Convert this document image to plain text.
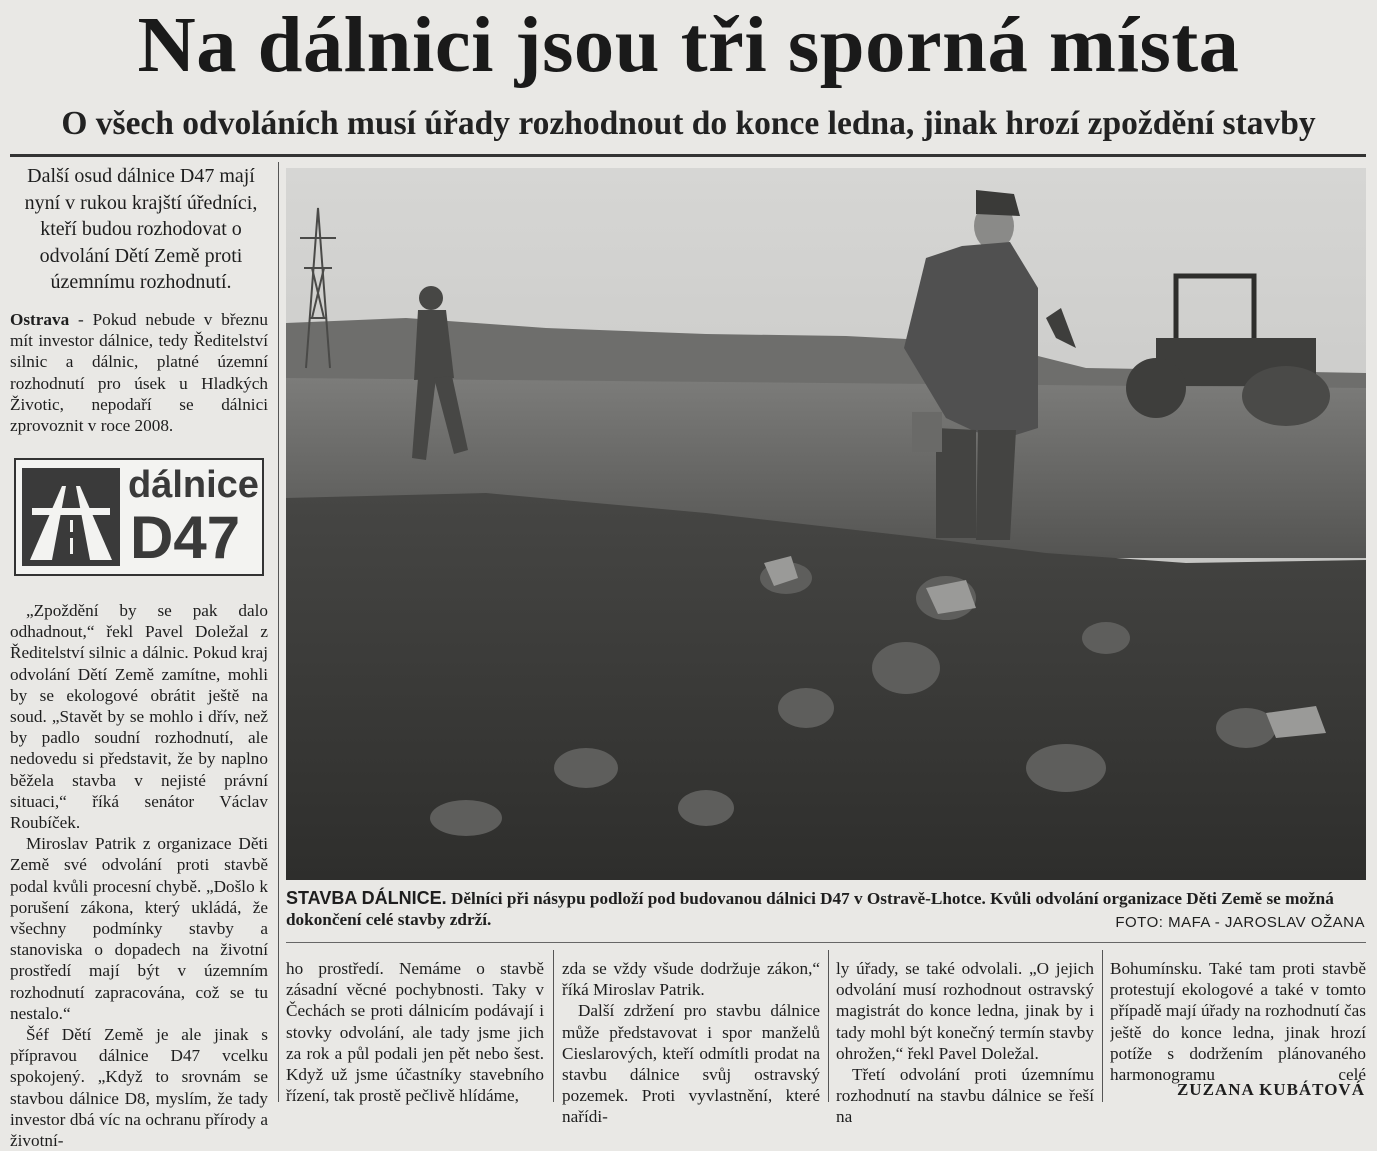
Na dálnici jsou tři sporná místa
O všech odvoláních musí úřady rozhodnout do konce ledna, jinak hrozí zpoždění stavby
Další osud dálnice D47 mají nyní v rukou krajští úředníci, kteří budou rozhodovat o odvolání Dětí Země proti územnímu rozhodnutí.
Ostrava - Pokud nebude v březnu mít investor dálnice, tedy Ředitelství silnic a dálnic, platné územní rozhodnutí pro úsek u Hladkých Životic, nepodaří se dálnici zprovoznit v roce 2008.
dálnice
D47

„Zpoždění by se pak dalo odhadnout,“ řekl Pavel Doležal z Ředitelství silnic a dálnic. Pokud kraj odvolání Dětí Země zamítne, mohli by se ekologové obrátit ještě na soud. „Stavět by se mohlo i dřív, než by padlo soudní rozhodnutí, ale nedovedu si představit, že by naplno běžela stavba v nejisté právní situaci,“ říká senátor Václav Roubíček.

Miroslav Patrik z organizace Děti Země své odvolání proti stavbě podal kvůli procesní chybě. „Došlo k porušení zákona, který ukládá, že všechny podmínky stavby a stanoviska o dopadech na životní prostředí mají být v územním rozhodnutí zapracována, což se tu nestalo.“

Šéf Dětí Země je ale jinak s přípravou dálnice D47 vcelku spokojený. „Když to srovnám se stavbou dálnice D8, myslím, že tady investor dbá víc na ochranu přírody a životní-

STAVBA DÁLNICE. Dělníci při násypu podloží pod budovanou dálnici D47 v Ostravě-Lhotce. Kvůli odvolání organizace Děti Země se možná dokončení celé stavby zdrží.	FOTO: MAFA - JAROSLAV OŽANA
ho prostředí. Nemáme o stavbě zásadní věcné pochybnosti. Taky v Čechách se proti dálnicím podávají i stovky odvolání, ale tady jsme jich za rok a půl podali jen pět nebo šest. Když už jsme účastníky stavebního řízení, tak prostě pečlivě hlídáme,

zda se vždy všude dodržuje zákon,“ říká Miroslav Patrik.

Další zdržení pro stavbu dálnice může představovat i spor manželů Cieslarových, kteří odmítli prodat na stavbu dálnice svůj ostravský pozemek. Proti vyvlastnění, které nařídi-

ly úřady, se také odvolali. „O jejich odvolání musí rozhodnout ostravský magistrát do konce ledna, jinak by i tady mohl být konečný termín stavby ohrožen,“ řekl Pavel Doležal.

Třetí odvolání proti územnímu rozhodnutí na stavbu dálnice se řeší na

Bohumínsku. Také tam proti stavbě protestují ekologové a také v tomto případě mají úřady na rozhodnutí čas ještě do konce ledna, jinak hrozí potíže s dodržením plánovaného harmonogramu celé
ZUZANA KUBÁTOVÁ
